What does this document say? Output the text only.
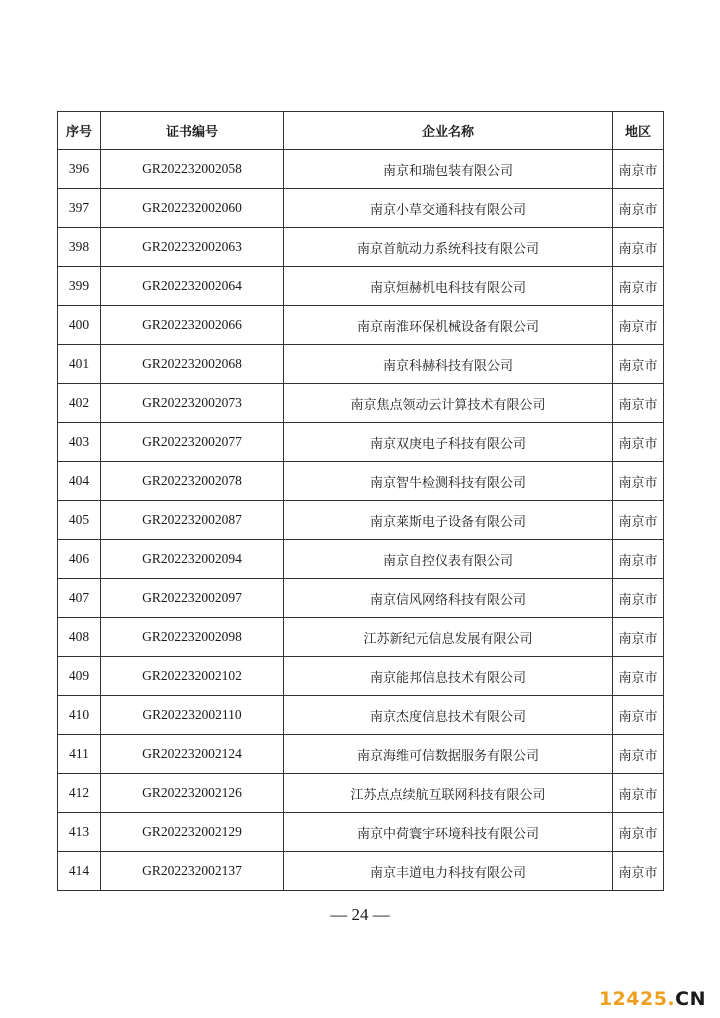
序号	证书编号	企业名称	地区
396	GR202232002058	南京和瑞包装有限公司	南京市
397	GR202232002060	南京小草交通科技有限公司	南京市
398	GR202232002063	南京首航动力系统科技有限公司	南京市
399	GR202232002064	南京烜赫机电科技有限公司	南京市
400	GR202232002066	南京南淮环保机械设备有限公司	南京市
401	GR202232002068	南京科赫科技有限公司	南京市
402	GR202232002073	南京焦点领动云计算技术有限公司	南京市
403	GR202232002077	南京双庚电子科技有限公司	南京市
404	GR202232002078	南京智牛检测科技有限公司	南京市
405	GR202232002087	南京莱斯电子设备有限公司	南京市
406	GR202232002094	南京自控仪表有限公司	南京市
407	GR202232002097	南京信风网络科技有限公司	南京市
408	GR202232002098	江苏新纪元信息发展有限公司	南京市
409	GR202232002102	南京能邦信息技术有限公司	南京市
410	GR202232002110	南京杰度信息技术有限公司	南京市
411	GR202232002124	南京海维可信数据服务有限公司	南京市
412	GR202232002126	江苏点点续航互联网科技有限公司	南京市
413	GR202232002129	南京中荷寰宇环境科技有限公司	南京市
414	GR202232002137	南京丰道电力科技有限公司	南京市
— 24 —
12425.CN
